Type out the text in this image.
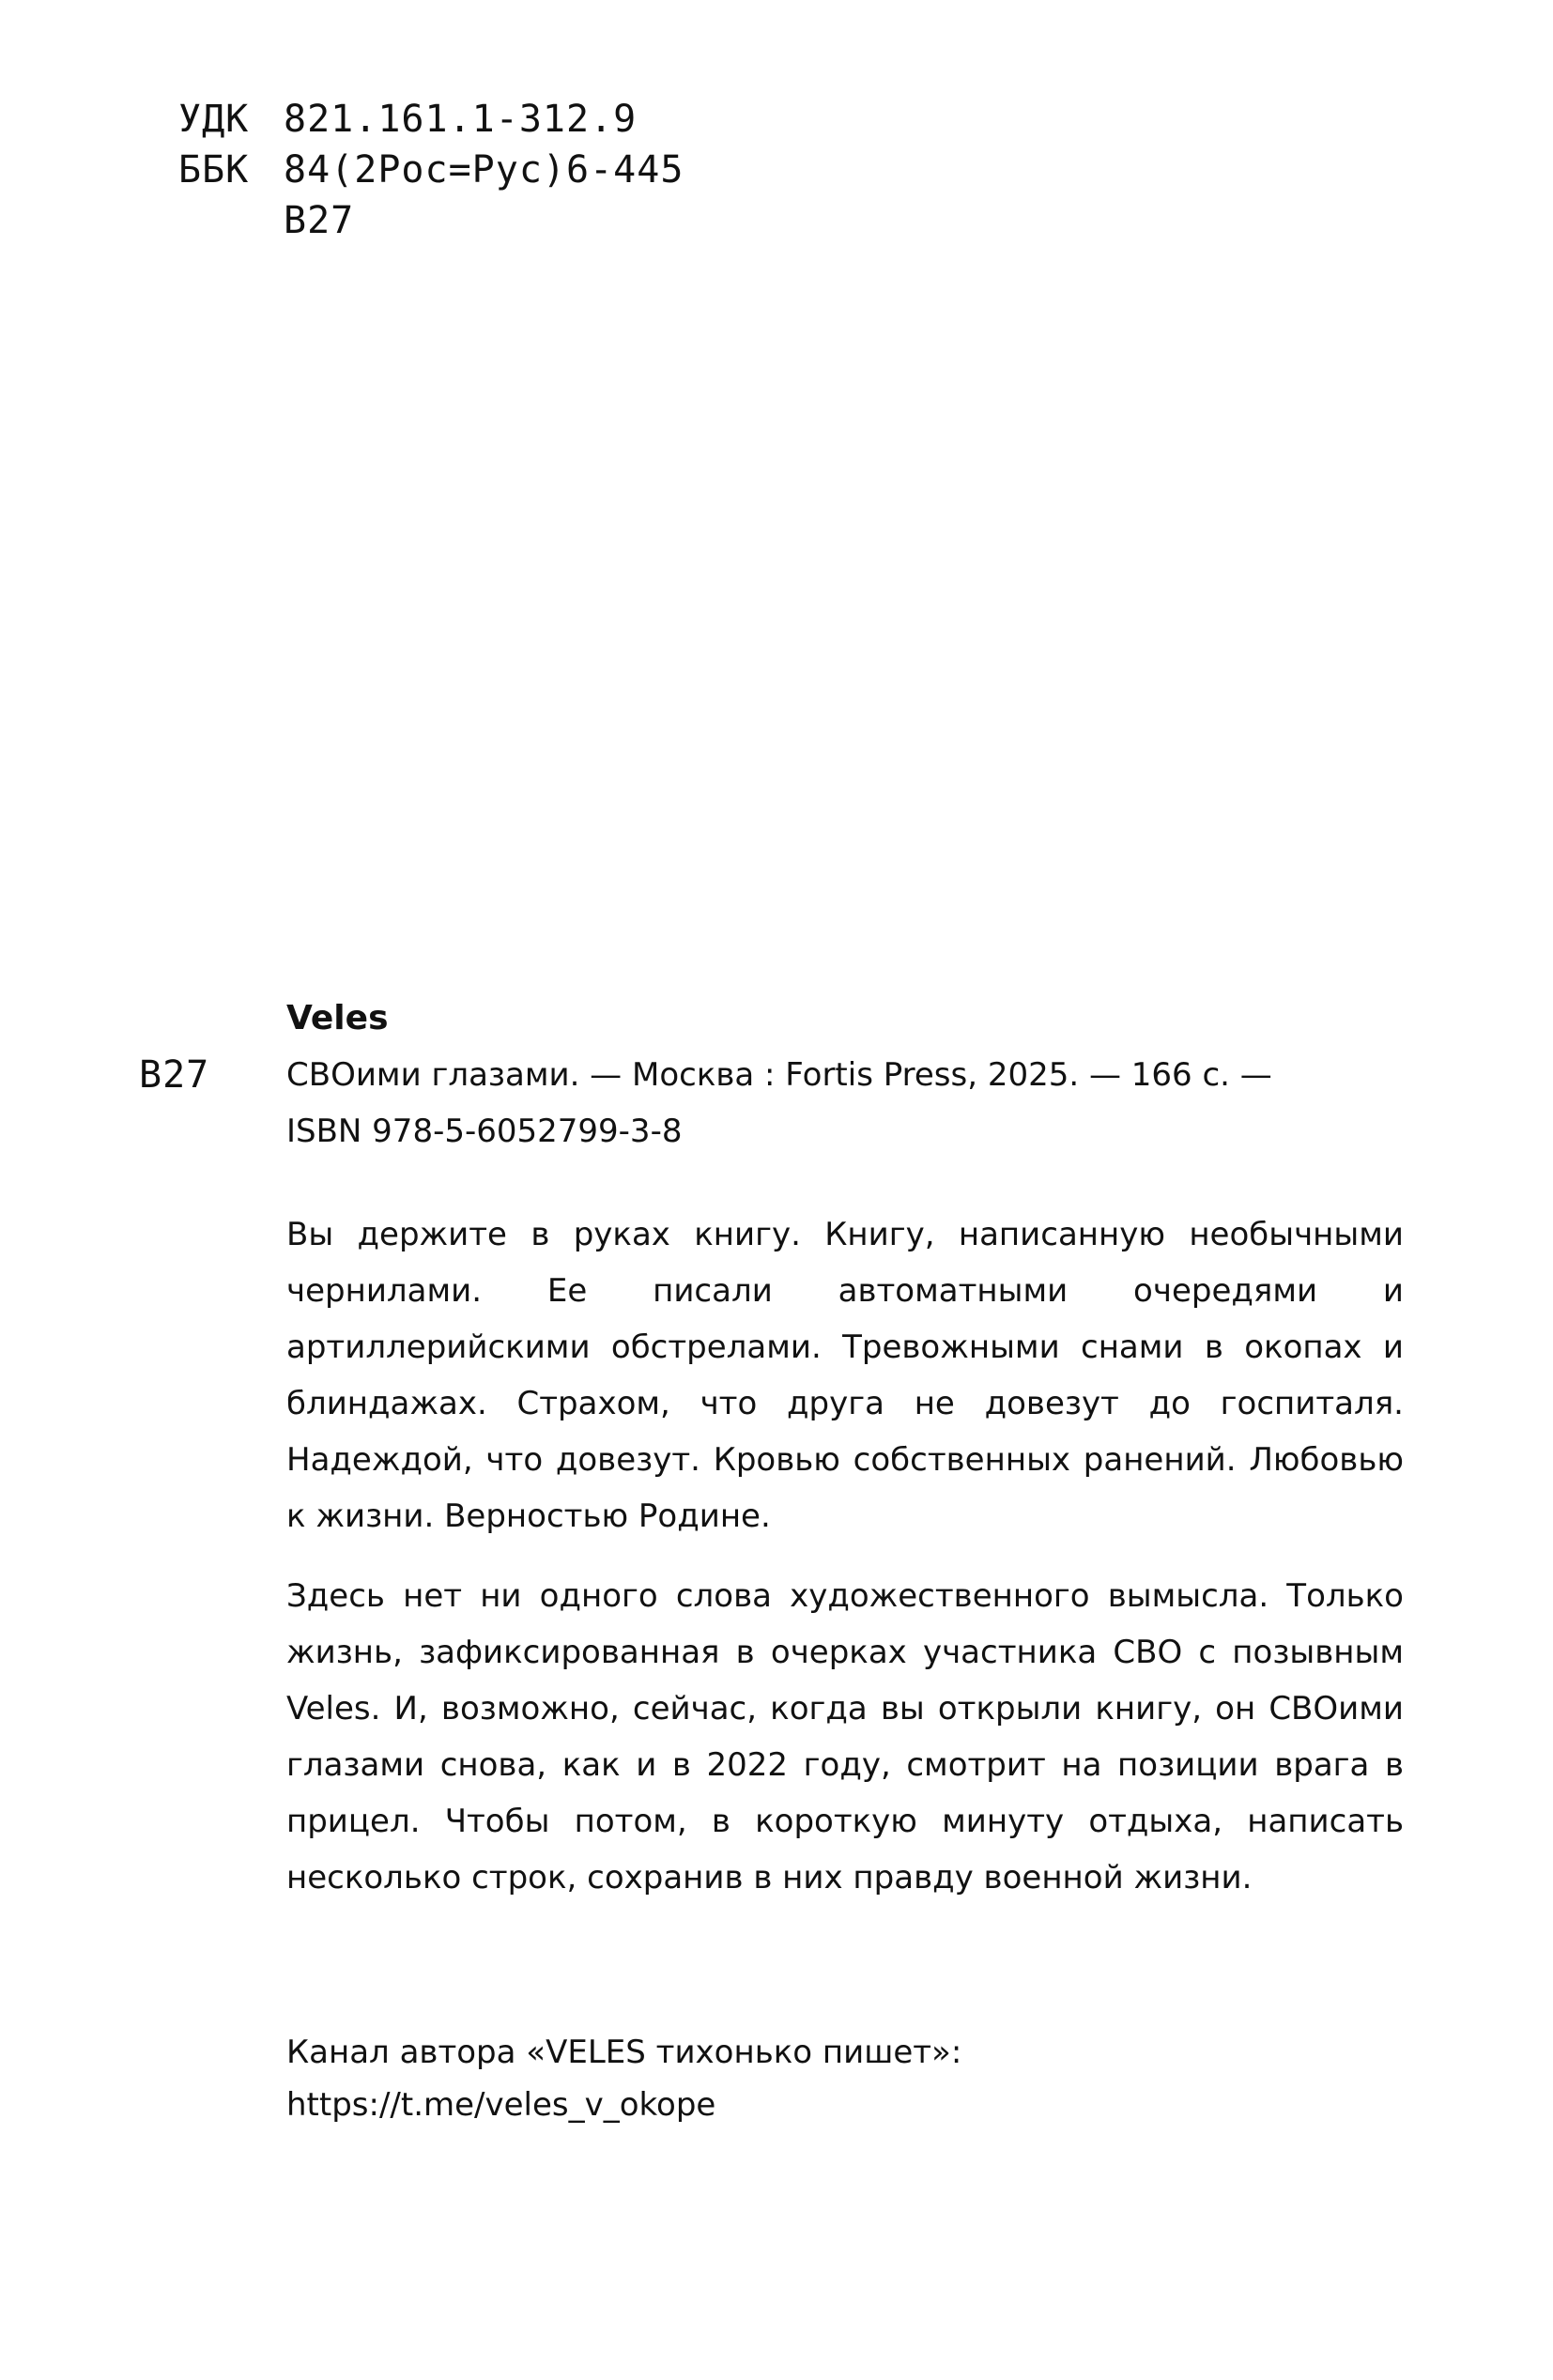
УДК 821.161.1-312.9
ББК 84(2Рос=Рус)6-445
В27
Veles
В27 СВОими глазами. — Москва : Fortis Press, 2025. — 166 с. —

ISBN 978-5-6052799-3-8

Вы держите в руках книгу. Книгу, написанную необычными чернилами. Ее писали автоматными очередями и артиллерийскими обстрелами. Тревожными снами в окопах и блиндажах. Страхом, что друга не довезут до госпиталя. Надеждой, что довезут. Кровью собственных ранений. Любовью к жизни. Верностью Родине.
Здесь нет ни одного слова художественного вымысла. Только жизнь, зафиксированная в очерках участника СВО с позывным Veles. И, возможно, сейчас, когда вы открыли книгу, он СВОими глазами снова, как и в 2022 году, смотрит на позиции врага в прицел. Чтобы потом, в короткую минуту отдыха, написать несколько строк, сохранив в них правду военной жизни.

Канал автора «VELES тихонько пишет»:

https://t.me/veles_v_okope
